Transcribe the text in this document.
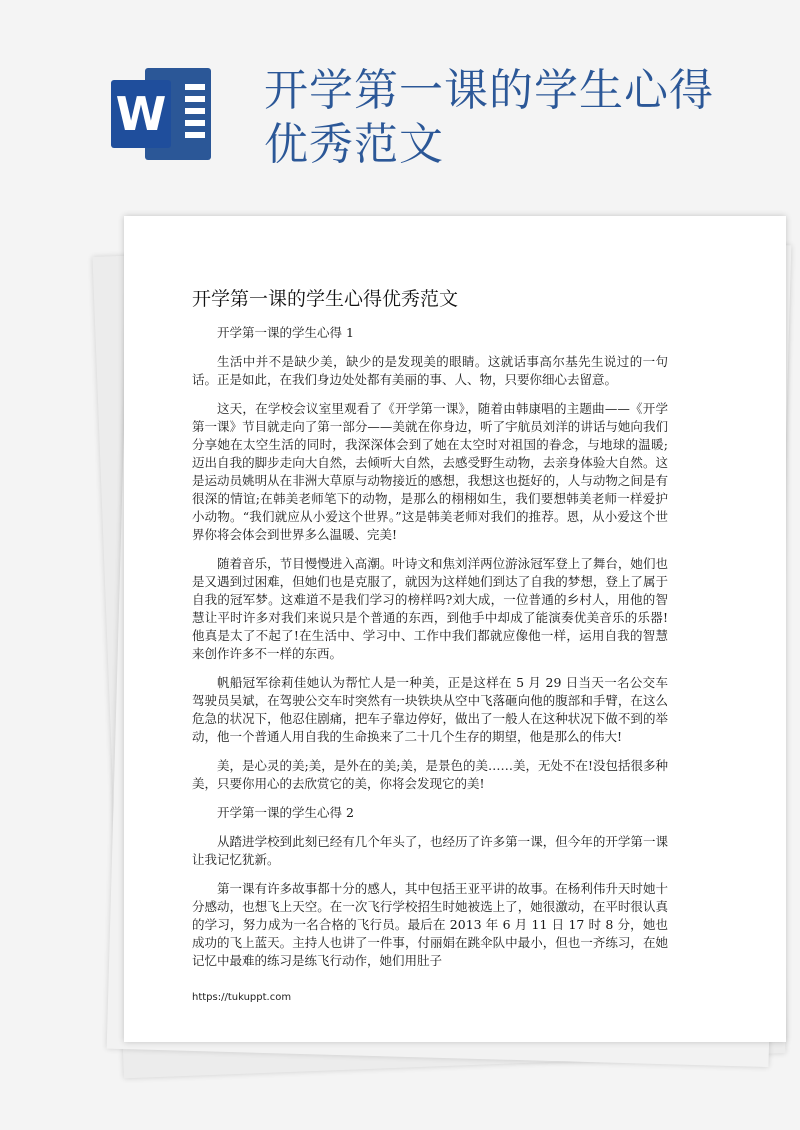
W 开学第一课的学生心得优秀范文
开学第一课的学生心得优秀范文

开学第一课的学生心得 1

生活中并不是缺少美，缺少的是发现美的眼睛。这就话事高尔基先生说过的一句话。正是如此，在我们身边处处都有美丽的事、人、物，只要你细心去留意。

这天，在学校会议室里观看了《开学第一课》，随着由韩康唱的主题曲——《开学第一课》节目就走向了第一部分——美就在你身边，听了宇航员刘洋的讲话与她向我们分享她在太空生活的同时，我深深体会到了她在太空时对祖国的眷念，与地球的温暖;迈出自我的脚步走向大自然，去倾听大自然，去感受野生动物，去亲身体验大自然。这是运动员姚明从在非洲大草原与动物接近的感想，我想这也挺好的，人与动物之间是有很深的情谊;在韩美老师笔下的动物，是那么的栩栩如生，我们要想韩美老师一样爱护小动物。“我们就应从小爱这个世界。”这是韩美老师对我们的推荐。恩，从小爱这个世界你将会体会到世界多么温暖、完美!

随着音乐，节目慢慢进入高潮。叶诗文和焦刘洋两位游泳冠军登上了舞台，她们也是又遇到过困难，但她们也是克服了，就因为这样她们到达了自我的梦想，登上了属于自我的冠军梦。这难道不是我们学习的榜样吗?刘大成，一位普通的乡村人，用他的智慧让平时许多对我们来说只是个普通的东西，到他手中却成了能演奏优美音乐的乐器!他真是太了不起了!在生活中、学习中、工作中我们都就应像他一样，运用自我的智慧来创作许多不一样的东西。

帆船冠军徐莉佳她认为帮忙人是一种美，正是这样在 5 月 29 日当天一名公交车驾驶员吴斌，在驾驶公交车时突然有一块铁块从空中飞落砸向他的腹部和手臂，在这么危急的状况下，他忍住剧痛，把车子靠边停好，做出了一般人在这种状况下做不到的举动，他一个普通人用自我的生命换来了二十几个生存的期望，他是那么的伟大!

美，是心灵的美;美，是外在的美;美，是景色的美……美，无处不在!没包括很多种美，只要你用心的去欣赏它的美，你将会发现它的美!

开学第一课的学生心得 2

从踏进学校到此刻已经有几个年头了，也经历了许多第一课，但今年的开学第一课让我记忆犹新。

第一课有许多故事都十分的感人，其中包括王亚平讲的故事。在杨利伟升天时她十分感动，也想飞上天空。在一次飞行学校招生时她被选上了，她很激动，在平时很认真的学习，努力成为一名合格的飞行员。最后在 2013 年 6 月 11 日 17 时 8 分，她也成功的飞上蓝天。主持人也讲了一件事，付丽娟在跳伞队中最小，但也一齐练习，在她记忆中最难的练习是练飞行动作，她们用肚子

https://tukuppt.com
